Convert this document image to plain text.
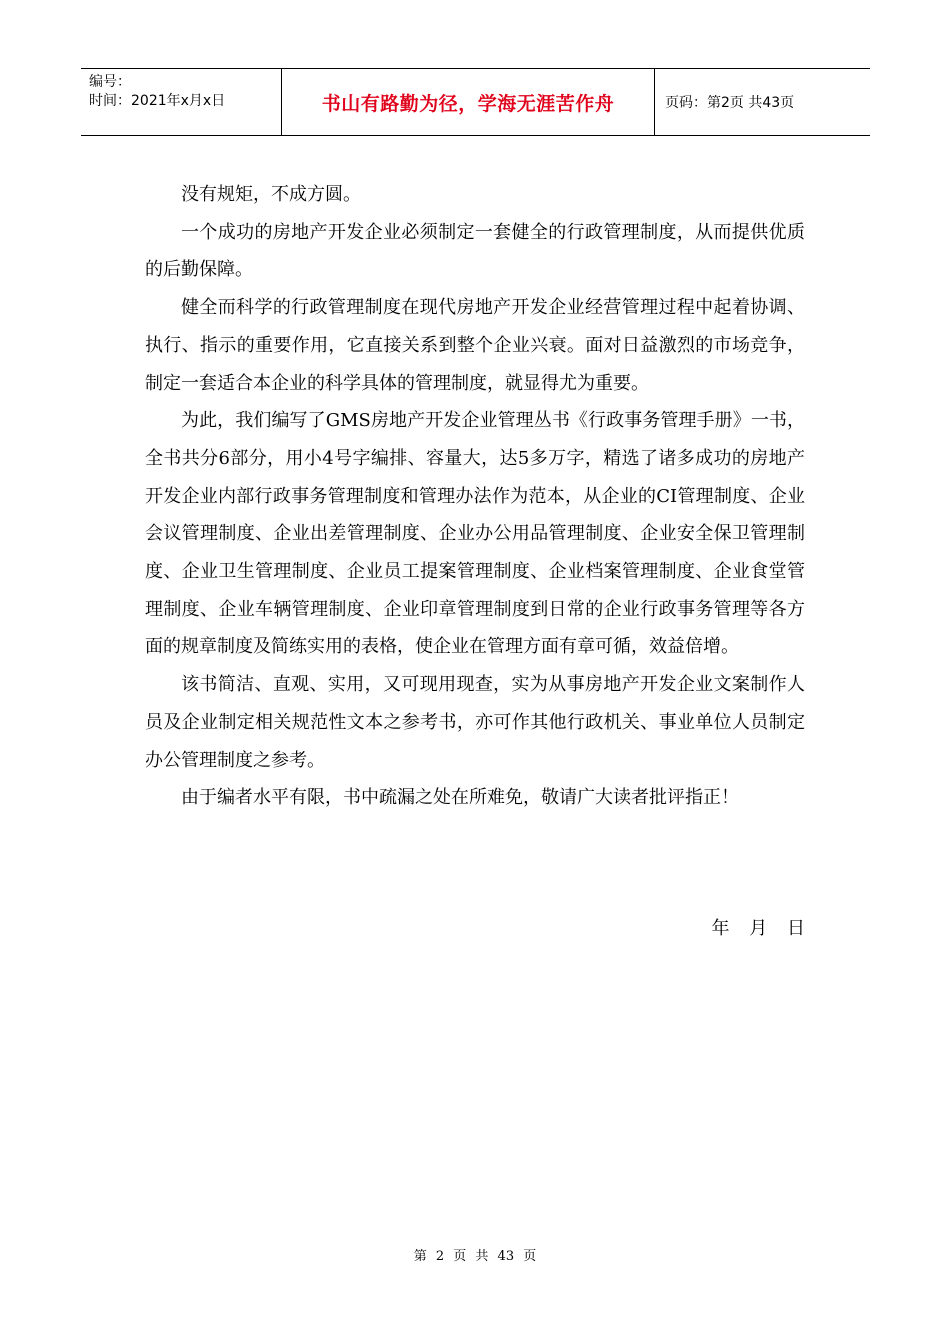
编号：
时间：2021年x月x日	书山有路勤为径，学海无涯苦作舟	页码：第2页 共43页

没有规矩，不成方圆。

一个成功的房地产开发企业必须制定一套健全的行政管理制度，从而提供优质的后勤保障。

健全而科学的行政管理制度在现代房地产开发企业经营管理过程中起着协调、执行、指示的重要作用，它直接关系到整个企业兴衰。面对日益激烈的市场竞争，制定一套适合本企业的科学具体的管理制度，就显得尤为重要。

为此，我们编写了GMS房地产开发企业管理丛书《行政事务管理手册》一书，全书共分6部分，用小4号字编排、容量大，达5多万字，精选了诸多成功的房地产开发企业内部行政事务管理制度和管理办法作为范本，从企业的CI管理制度、企业会议管理制度、企业出差管理制度、企业办公用品管理制度、企业安全保卫管理制度、企业卫生管理制度、企业员工提案管理制度、企业档案管理制度、企业食堂管理制度、企业车辆管理制度、企业印章管理制度到日常的企业行政事务管理等各方面的规章制度及简练实用的表格，使企业在管理方面有章可循，效益倍增。

该书简洁、直观、实用，又可现用现查，实为从事房地产开发企业文案制作人员及企业制定相关规范性文本之参考书，亦可作其他行政机关、事业单位人员制定办公管理制度之参考。

由于编者水平有限，书中疏漏之处在所难免，敬请广大读者批评指正！

年 月 日
第 2 页 共 43 页
